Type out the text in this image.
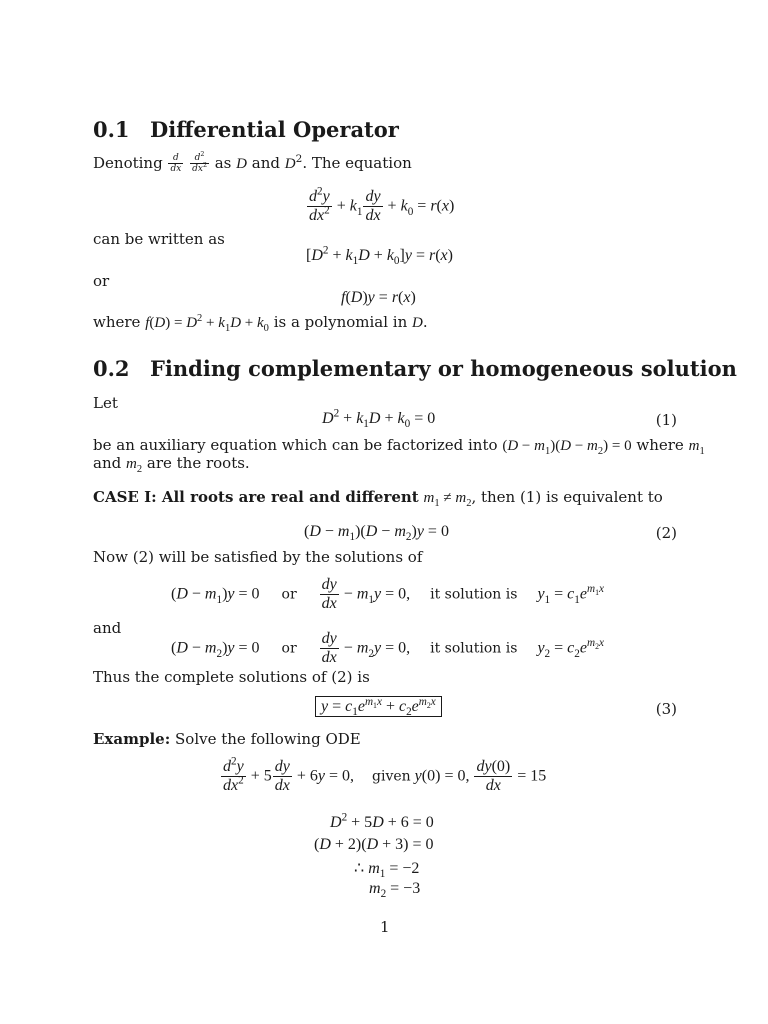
0.1 Differential Operator
Denoting $\frac{d}{dx}$
$\frac{d^2}{dx^2}$ as D and $D^2$. The equation
$\frac{d^2y}{dx^2} + k_1 \frac{dy}{dx} + k_0 = r(x)$
can be written as
$[D^2 + k_1D + k_0]y = r(x)$
or
f(D)y = r(x)
where $f(D) = D^2 + k_1D + k_0$ is a polynomial in D.
0.2 Finding complementary or homogeneous solution
Let
$D^2 + k_1D + k_0 = 0$	(1)
be an auxiliary equation which can be factorized into $(D - m_1)(D - m_2) = 0$ where $m_1$
and $m_2$ are the roots.
CASE I: All roots are real and different $m_1 \ne m_2$, then (1) is equivalent to
$(D - m_1)(D - m_2)y = 0$	(2)
Now (2) will be satisfied by the solutions of
$(D - m_1)y = 0$  or $\frac{dy}{dx} - m_1y = 0$,  it solution is $y_1 = c_1e^{m_1x}$
and
$(D - m_2)y = 0$  or $\frac{dy}{dx} - m_2y = 0$,  it solution is $y_2 = c_2e^{m_2x}$
Thus the complete solutions of (2) is
$y = c_1e^{m_1x} + c_2e^{m_2x}$	(3)
Example: Solve the following ODE
$\frac{d^2y}{dx^2} + 5 \frac{dy}{dx} + 6y = 0$,  given y(0) = 0, $\frac{dy(0)}{dx} = 15$
$D^2 + 5D + 6 = 0$
(D + 2)(D + 3) = 0
∴ $m_1 = -2$
$m_2 = -3$
1
